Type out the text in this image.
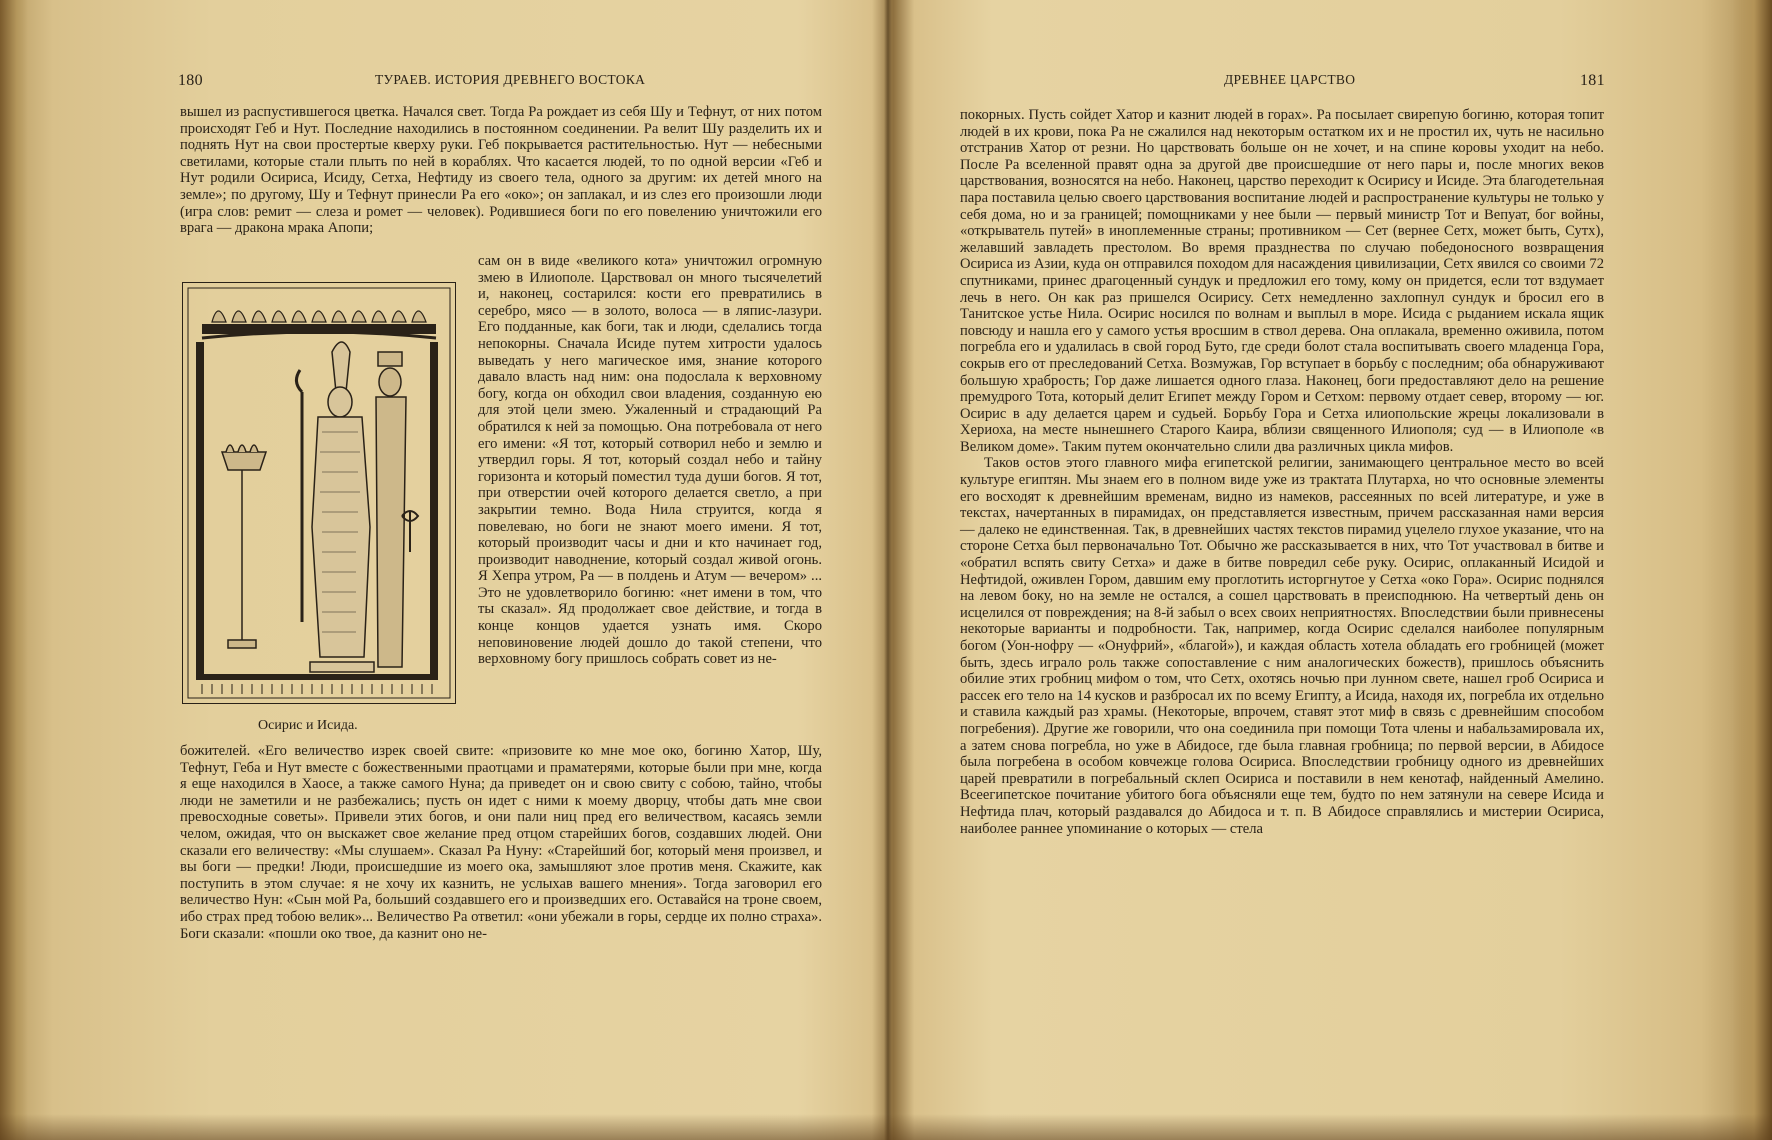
180	ТУРАЕВ. ИСТОРИЯ ДРЕВНЕГО ВОСТОКА

вышел из распустившегося цветка. Начался свет. Тогда Ра рождает из себя Шу и Тефнут, от них потом происходят Геб и Нут. Последние находились в постоянном соединении. Ра велит Шу разделить их и поднять Нут на свои простертые кверху руки. Геб покрывается растительностью. Нут — небесными светилами, которые стали плыть по ней в кораблях. Что касается людей, то по одной версии «Геб и Нут родили Осириса, Исиду, Сетха, Нефтиду из своего тела, одного за другим: их детей много на земле»; по другому, Шу и Тефнут принесли Ра его «око»; он заплакал, и из слез его произошли люди (игра слов: ремит — слеза и ромет — человек). Родившиеся боги по его повелению уничтожили его врага — дракона мрака Апопи;

Осирис и Исида.

сам он в виде «великого кота» уничтожил огромную змею в Илиополе. Царствовал он много тысячелетий и, наконец, состарился: кости его превратились в серебро, мясо — в золото, волоса — в ляпис-лазури. Его подданные, как боги, так и люди, сделались тогда непокорны. Сначала Исиде путем хитрости удалось выведать у него магическое имя, знание которого давало власть над ним: она подослала к верховному богу, когда он обходил свои владения, созданную ею для этой цели змею. Ужаленный и страдающий Ра обратился к ней за помощью. Она потребовала от него его имени: «Я тот, который сотворил небо и землю и утвердил горы. Я тот, который создал небо и тайну горизонта и который поместил туда души богов. Я тот, при отверстии очей которого делается светло, а при закрытии темно. Вода Нила струится, когда я повелеваю, но боги не знают моего имени. Я тот, который производит часы и дни и кто начинает год, производит наводнение, который создал живой огонь. Я Хепра утром, Ра — в полдень и Атум — вечером» ... Это не удовлетворило богиню: «нет имени в том, что ты сказал». Яд продолжает свое действие, и тогда в конце концов удается узнать имя. Скоро неповиновение людей дошло до такой степени, что верховному богу пришлось собрать совет из не-

божителей. «Его величество изрек своей свите: «призовите ко мне мое око, богиню Хатор, Шу, Тефнут, Геба и Нут вместе с божественными праотцами и праматерями, которые были при мне, когда я еще находился в Хаосе, а также самого Нуна; да приведет он и свою свиту с собою, тайно, чтобы люди не заметили и не разбежались; пусть он идет с ними к моему дворцу, чтобы дать мне свои превосходные советы». Привели этих богов, и они пали ниц пред его величеством, касаясь земли челом, ожидая, что он выскажет свое желание пред отцом старейших богов, создавших людей. Они сказали его величеству: «Мы слушаем». Сказал Ра Нуну: «Старейший бог, который меня произвел, и вы боги — предки! Люди, происшедшие из моего ока, замышляют злое против меня. Скажите, как поступить в этом случае: я не хочу их казнить, не услыхав вашего мнения». Тогда заговорил его величество Нун: «Сын мой Ра, больший создавшего его и произведших его. Оставайся на троне своем, ибо страх пред тобою велик»... Величество Ра ответил: «они убежали в горы, сердце их полно страха». Боги сказали: «пошли око твое, да казнит оно не-

ДРЕВНЕЕ ЦАРСТВО	181

покорных. Пусть сойдет Хатор и казнит людей в горах». Ра посылает свирепую богиню, которая топит людей в их крови, пока Ра не сжалился над некоторым остатком их и не простил их, чуть не насильно отстранив Хатор от резни. Но царствовать больше он не хочет, и на спине коровы уходит на небо. После Ра вселенной правят одна за другой две происшедшие от него пары и, после многих веков царствования, возносятся на небо. Наконец, царство переходит к Осирису и Исиде. Эта благодетельная пара поставила целью своего царствования воспитание людей и распространение культуры не только у себя дома, но и за границей; помощниками у нее были — первый министр Тот и Вепуат, бог войны, «открыватель путей» в иноплеменные страны; противником — Сет (вернее Сетх, может быть, Сутх), желавший завладеть престолом. Во время празднества по случаю победоносного возвращения Осириса из Азии, куда он отправился походом для насаждения цивилизации, Сетх явился со своими 72 спутниками, принес драгоценный сундук и предложил его тому, кому он придется, если тот вздумает лечь в него. Он как раз пришелся Осирису. Сетх немедленно захлопнул сундук и бросил его в Танитское устье Нила. Осирис носился по волнам и выплыл в море. Исида с рыданием искала ящик повсюду и нашла его у самого устья вросшим в ствол дерева. Она оплакала, временно оживила, потом погребла его и удалилась в свой город Буто, где среди болот стала воспитывать своего младенца Гора, сокрыв его от преследований Сетха. Возмужав, Гор вступает в борьбу с последним; оба обнаруживают большую храбрость; Гор даже лишается одного глаза. Наконец, боги предоставляют дело на решение премудрого Тота, который делит Египет между Гором и Сетхом: первому отдает север, второму — юг. Осирис в аду делается царем и судьей. Борьбу Гора и Сетха илиопольские жрецы локализовали в Хериоха, на месте нынешнего Старого Каира, вблизи священного Илиополя; суд — в Илиополе «в Великом доме». Таким путем окончательно слили два различных цикла мифов.

Таков остов этого главного мифа египетской религии, занимающего центральное место во всей культуре египтян. Мы знаем его в полном виде уже из трактата Плутарха, но что основные элементы его восходят к древнейшим временам, видно из намеков, рассеянных по всей литературе, и уже в текстах, начертанных в пирамидах, он представляется известным, причем рассказанная нами версия — далеко не единственная. Так, в древнейших частях текстов пирамид уцелело глухое указание, что на стороне Сетха был первоначально Тот. Обычно же рассказывается в них, что Тот участвовал в битве и «обратил вспять свиту Сетха» и даже в битве повредил себе руку. Осирис, оплаканный Исидой и Нефтидой, оживлен Гором, давшим ему проглотить исторгнутое у Сетха «око Гора». Осирис поднялся на левом боку, но на земле не остался, а сошел царствовать в преисподнюю. На четвертый день он исцелился от повреждения; на 8-й забыл о всех своих неприятностях. Впоследствии были привнесены некоторые варианты и подробности. Так, например, когда Осирис сделался наиболее популярным богом (Уон-нофру — «Онуфрий», «благой»), и каждая область хотела обладать его гробницей (может быть, здесь играло роль также сопоставление с ним аналогических божеств), пришлось объяснить обилие этих гробниц мифом о том, что Сетх, охотясь ночью при лунном свете, нашел гроб Осириса и рассек его тело на 14 кусков и разбросал их по всему Египту, а Исида, находя их, погребла их отдельно и ставила каждый раз храмы. (Некоторые, впрочем, ставят этот миф в связь с древнейшим способом погребения). Другие же говорили, что она соединила при помощи Тота члены и набальзамировала их, а затем снова погребла, но уже в Абидосе, где была главная гробница; по первой версии, в Абидосе была погребена в особом ковчежце голова Осириса. Впоследствии гробницу одного из древнейших царей превратили в погребальный склеп Осириса и поставили в нем кенотаф, найденный Амелино. Всеегипетское почитание убитого бога объясняли еще тем, будто по нем затянули на севере Исида и Нефтида плач, который раздавался до Абидоса и т. п. В Абидосе справлялись и мистерии Осириса, наиболее раннее упоминание о которых — стела
